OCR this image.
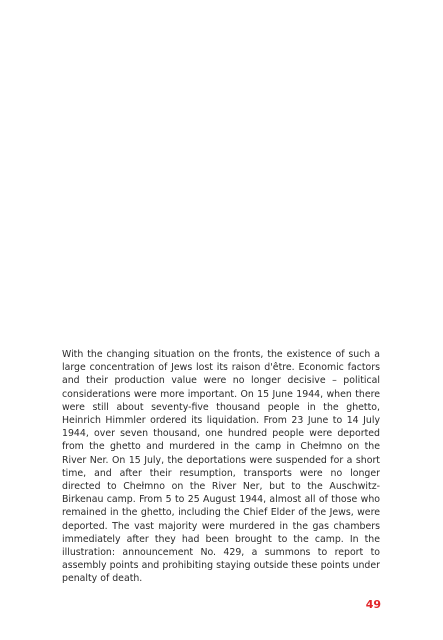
With the changing situation on the fronts, the existence of such a large concentration of Jews lost its raison d'être. Economic factors and their production value were no longer decisive – political considerations were more important. On 15 June 1944, when there were still about seventy-five thousand people in the ghetto, Heinrich Himmler ordered its liquidation. From 23 June to 14 July 1944, over seven thousand, one hundred people were deported from the ghetto and murdered in the camp in Chełmno on the River Ner. On 15 July, the deportations were suspended for a short time, and after their resumption, transports were no longer directed to Chełmno on the River Ner, but to the Auschwitz-Birkenau camp. From 5 to 25 August 1944, almost all of those who remained in the ghetto, including the Chief Elder of the Jews, were deported. The vast majority were murdered in the gas chambers immediately after they had been brought to the camp. In the illustration: announcement No. 429, a summons to report to assembly points and prohibiting staying outside these points under penalty of death.

49
